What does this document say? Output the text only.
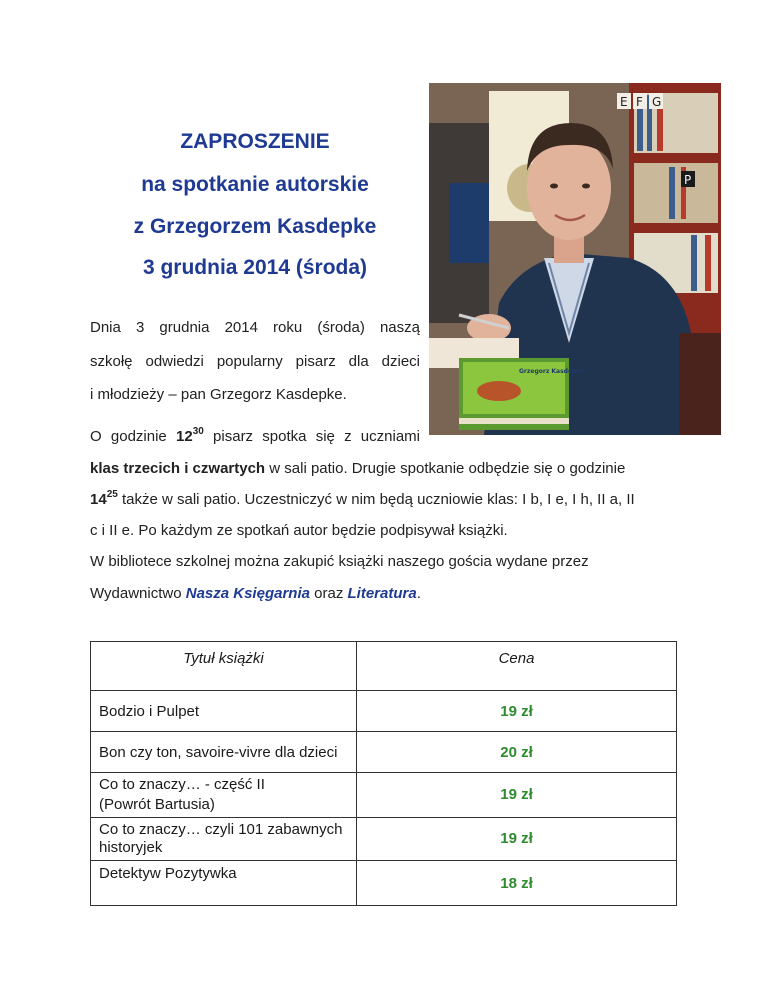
ZAPROSZENIE
na spotkanie autorskie
z Grzegorzem Kasdepke
3 grudnia 2014 (środa)
E F G
P
Grzegorz Kasdepke
Dnia 3 grudnia 2014 roku (środa) naszą
szkołę odwiedzi popularny pisarz dla dzieci
i młodzieży – pan Grzegorz Kasdepke.
O godzinie $12^{30}$ pisarz spotka się z uczniami
klas trzecich i czwartych w sali patio. Drugie spotkanie odbędzie się o godzinie
$14^{25}$ także w sali patio. Uczestniczyć w nim będą uczniowie klas: I b, I e, I h, II a, II
c i II e. Po każdym ze spotkań autor będzie podpisywał książki.
W bibliotece szkolnej można zakupić książki naszego gościa wydane przez
Wydawnictwo Nasza Księgarnia oraz Literatura.
Tytuł książki	Cena
Bodzio i Pulpet	19 zł
Bon czy ton, savoire-vivre dla dzieci	20 zł

Co to znaczy… - część II
(Powrót Bartusia)	19 zł

Co to znaczy… czyli 101 zabawnych
historyjek	19 zł
Detektyw Pozytywka	18 zł
